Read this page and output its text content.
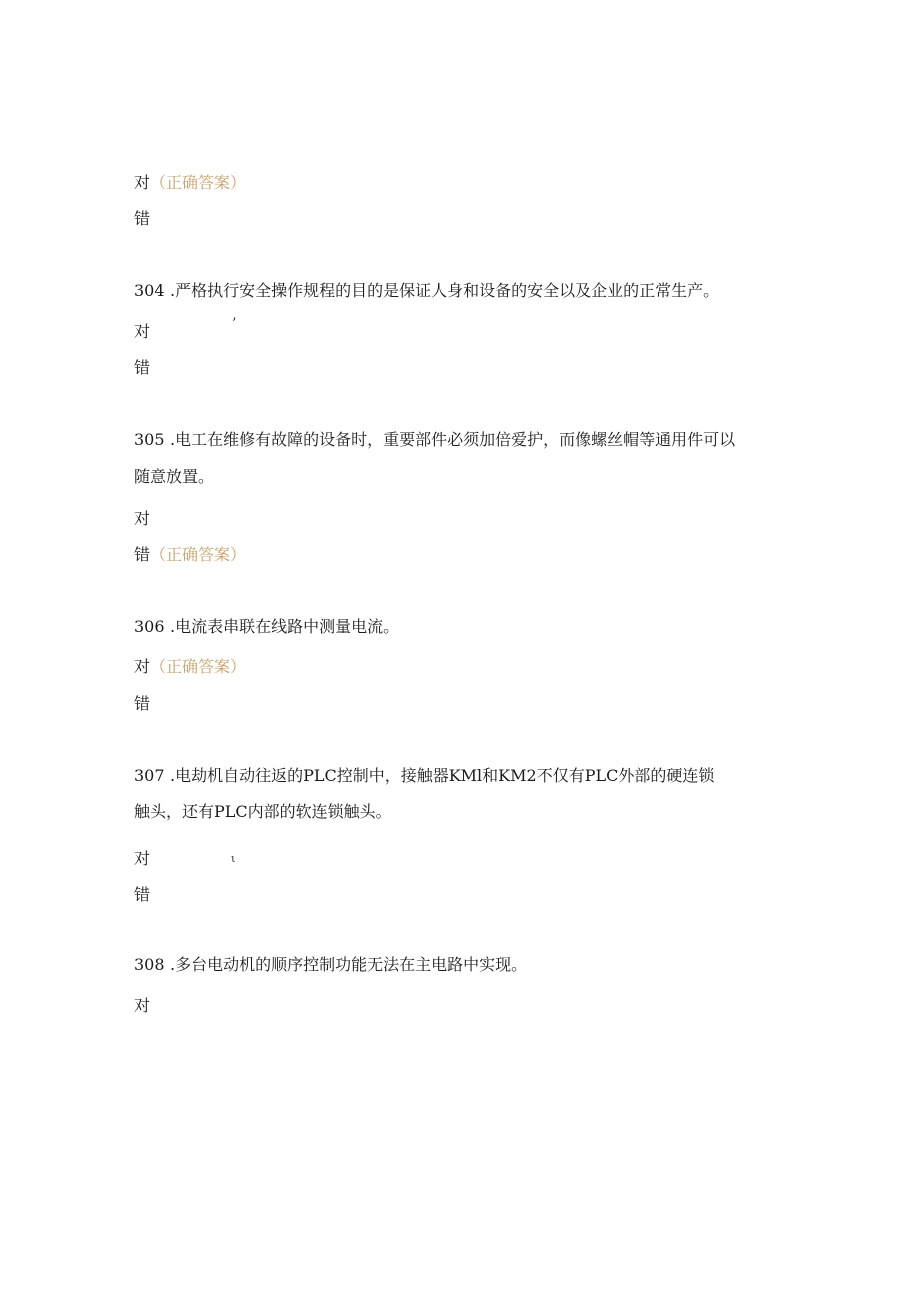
对（正确答案）
错
304 .严格执行安全操作规程的目的是保证人身和设备的安全以及企业的正常生产。
对	’
错
305 .电工在维修有故障的设备时，重要部件必须加倍爱护，而像螺丝帽等通用件可以
随意放置。
对
错（正确答案）
306 .电流表串联在线路中测量电流。
对（正确答案）
错
307 .电劫机自动往返的PLC控制中，接触器KMl和KM2不仅有PLC外部的硬连锁
触头，还有PLC内部的软连锁触头。
对	ι
错
308 .多台电动机的顺序控制功能无法在主电路中实现。
对
